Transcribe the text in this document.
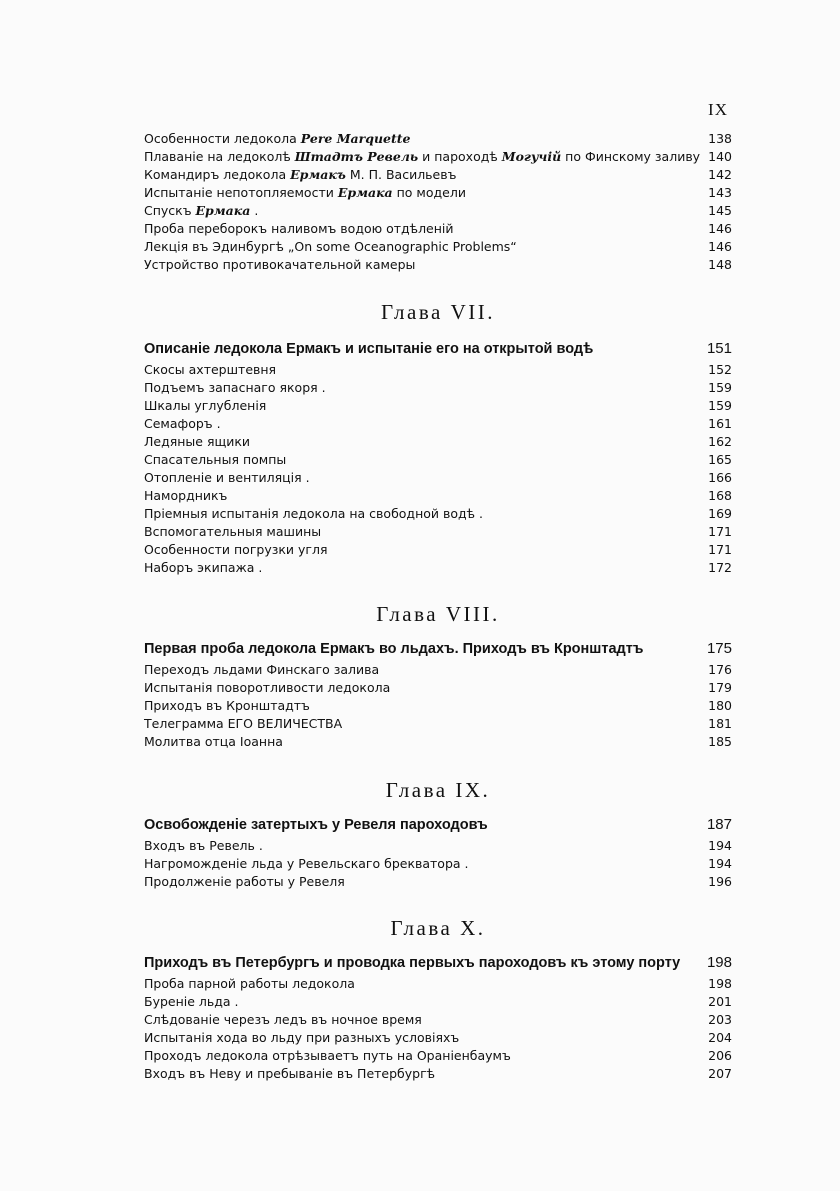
IX
Особенности ледокола Pere Marquette	138
Плаванiе на ледоколѣ Штадтъ Ревель и пароходѣ Могучiй по Финскому заливу 140
Командиръ ледокола Ермакъ М. П. Васильевъ	142
Испытанiе непотопляемости Ермака по модели	143
Спускъ Ермака .	145
Проба переборокъ наливомъ водою отдѣленiй	146
Лекцiя въ Эдинбургѣ „On some Oceanographic Problems“	146
Устройство противокачательной камеры	148
Глава VII.
Описанiе ледокола Ермакъ и испытанiе его на открытой водѣ	151
Скосы ахтерштевня	152
Подъемъ запаснаго якоря .	159
Шкалы углубленiя	159
Семафоръ .	161
Ледяные ящики	162
Спасательныя помпы	165
Отопленiе и вентиляцiя .	166
Намордникъ	168
Прiемныя испытанiя ледокола на свободной водѣ .	169
Вспомогательныя машины	171
Особенности погрузки угля	171
Наборъ экипажа .	172
Глава VIII.
Первая проба ледокола Ермакъ во льдахъ. Приходъ въ Кронштадтъ	175
Переходъ льдами Финскаго залива	176
Испытанiя поворотливости ледокола	179
Приходъ въ Кронштадтъ	180
Телеграмма ЕГО ВЕЛИЧЕСТВА	181
Молитва отца Iоанна	185
Глава IX.
Освобожденiе затертыхъ у Ревеля пароходовъ	187
Входъ въ Ревель .	194
Нагроможденiе льда у Ревельскаго брекватора .	194
Продолженiе работы у Ревеля	196
Глава X.
Приходъ въ Петербургъ и проводка первыхъ пароходовъ къ этому порту 198
Проба парной работы ледокола	198
Буренiе льда .	201
Слѣдованiе черезъ ледъ въ ночное время	203
Испытанiя хода во льду при разныхъ условiяхъ	204
Проходъ ледокола отрѣзываетъ путь на Оранiенбаумъ	206
Входъ въ Неву и пребыванiе въ Петербургѣ	207
